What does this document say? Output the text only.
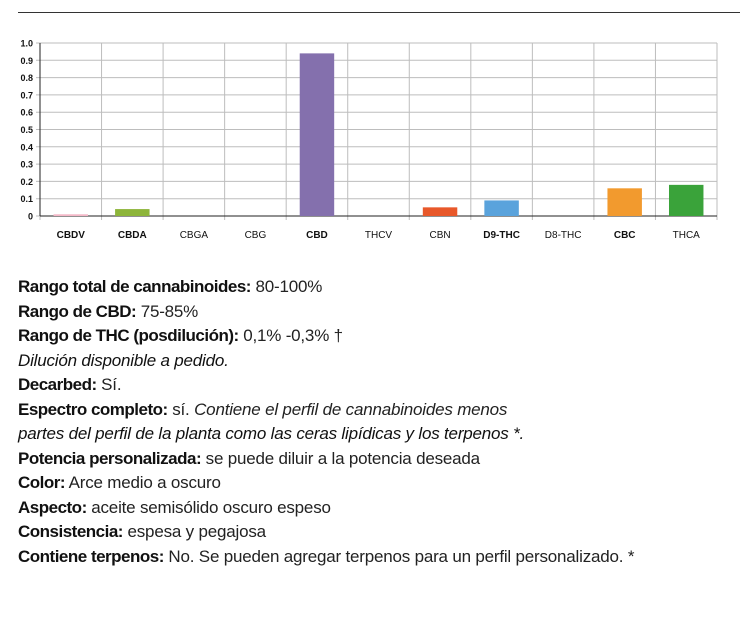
0
0.1
0.2
0.3
0.4
0.5
0.6
0.7
0.8
0.9
1.0
CBDV	CBDA	CBGA	CBG	CBD	THCV	CBN	D9-THC D8-THC	CBC	THCA
Rango total de cannabinoides: 80-100%
Rango de CBD: 75-85%
Rango de THC (posdilución): 0,1% -0,3% †
Dilución disponible a pedido.
Decarbed: Sí.
Espectro completo: sí. Contiene el perfil de cannabinoides menos
partes del perfil de la planta como las ceras lipídicas y los terpenos *.
Potencia personalizada: se puede diluir a la potencia deseada
Color: Arce medio a oscuro
Aspecto: aceite semisólido oscuro espeso
Consistencia: espesa y pegajosa
Contiene terpenos: No. Se pueden agregar terpenos para un perfil personalizado. *
